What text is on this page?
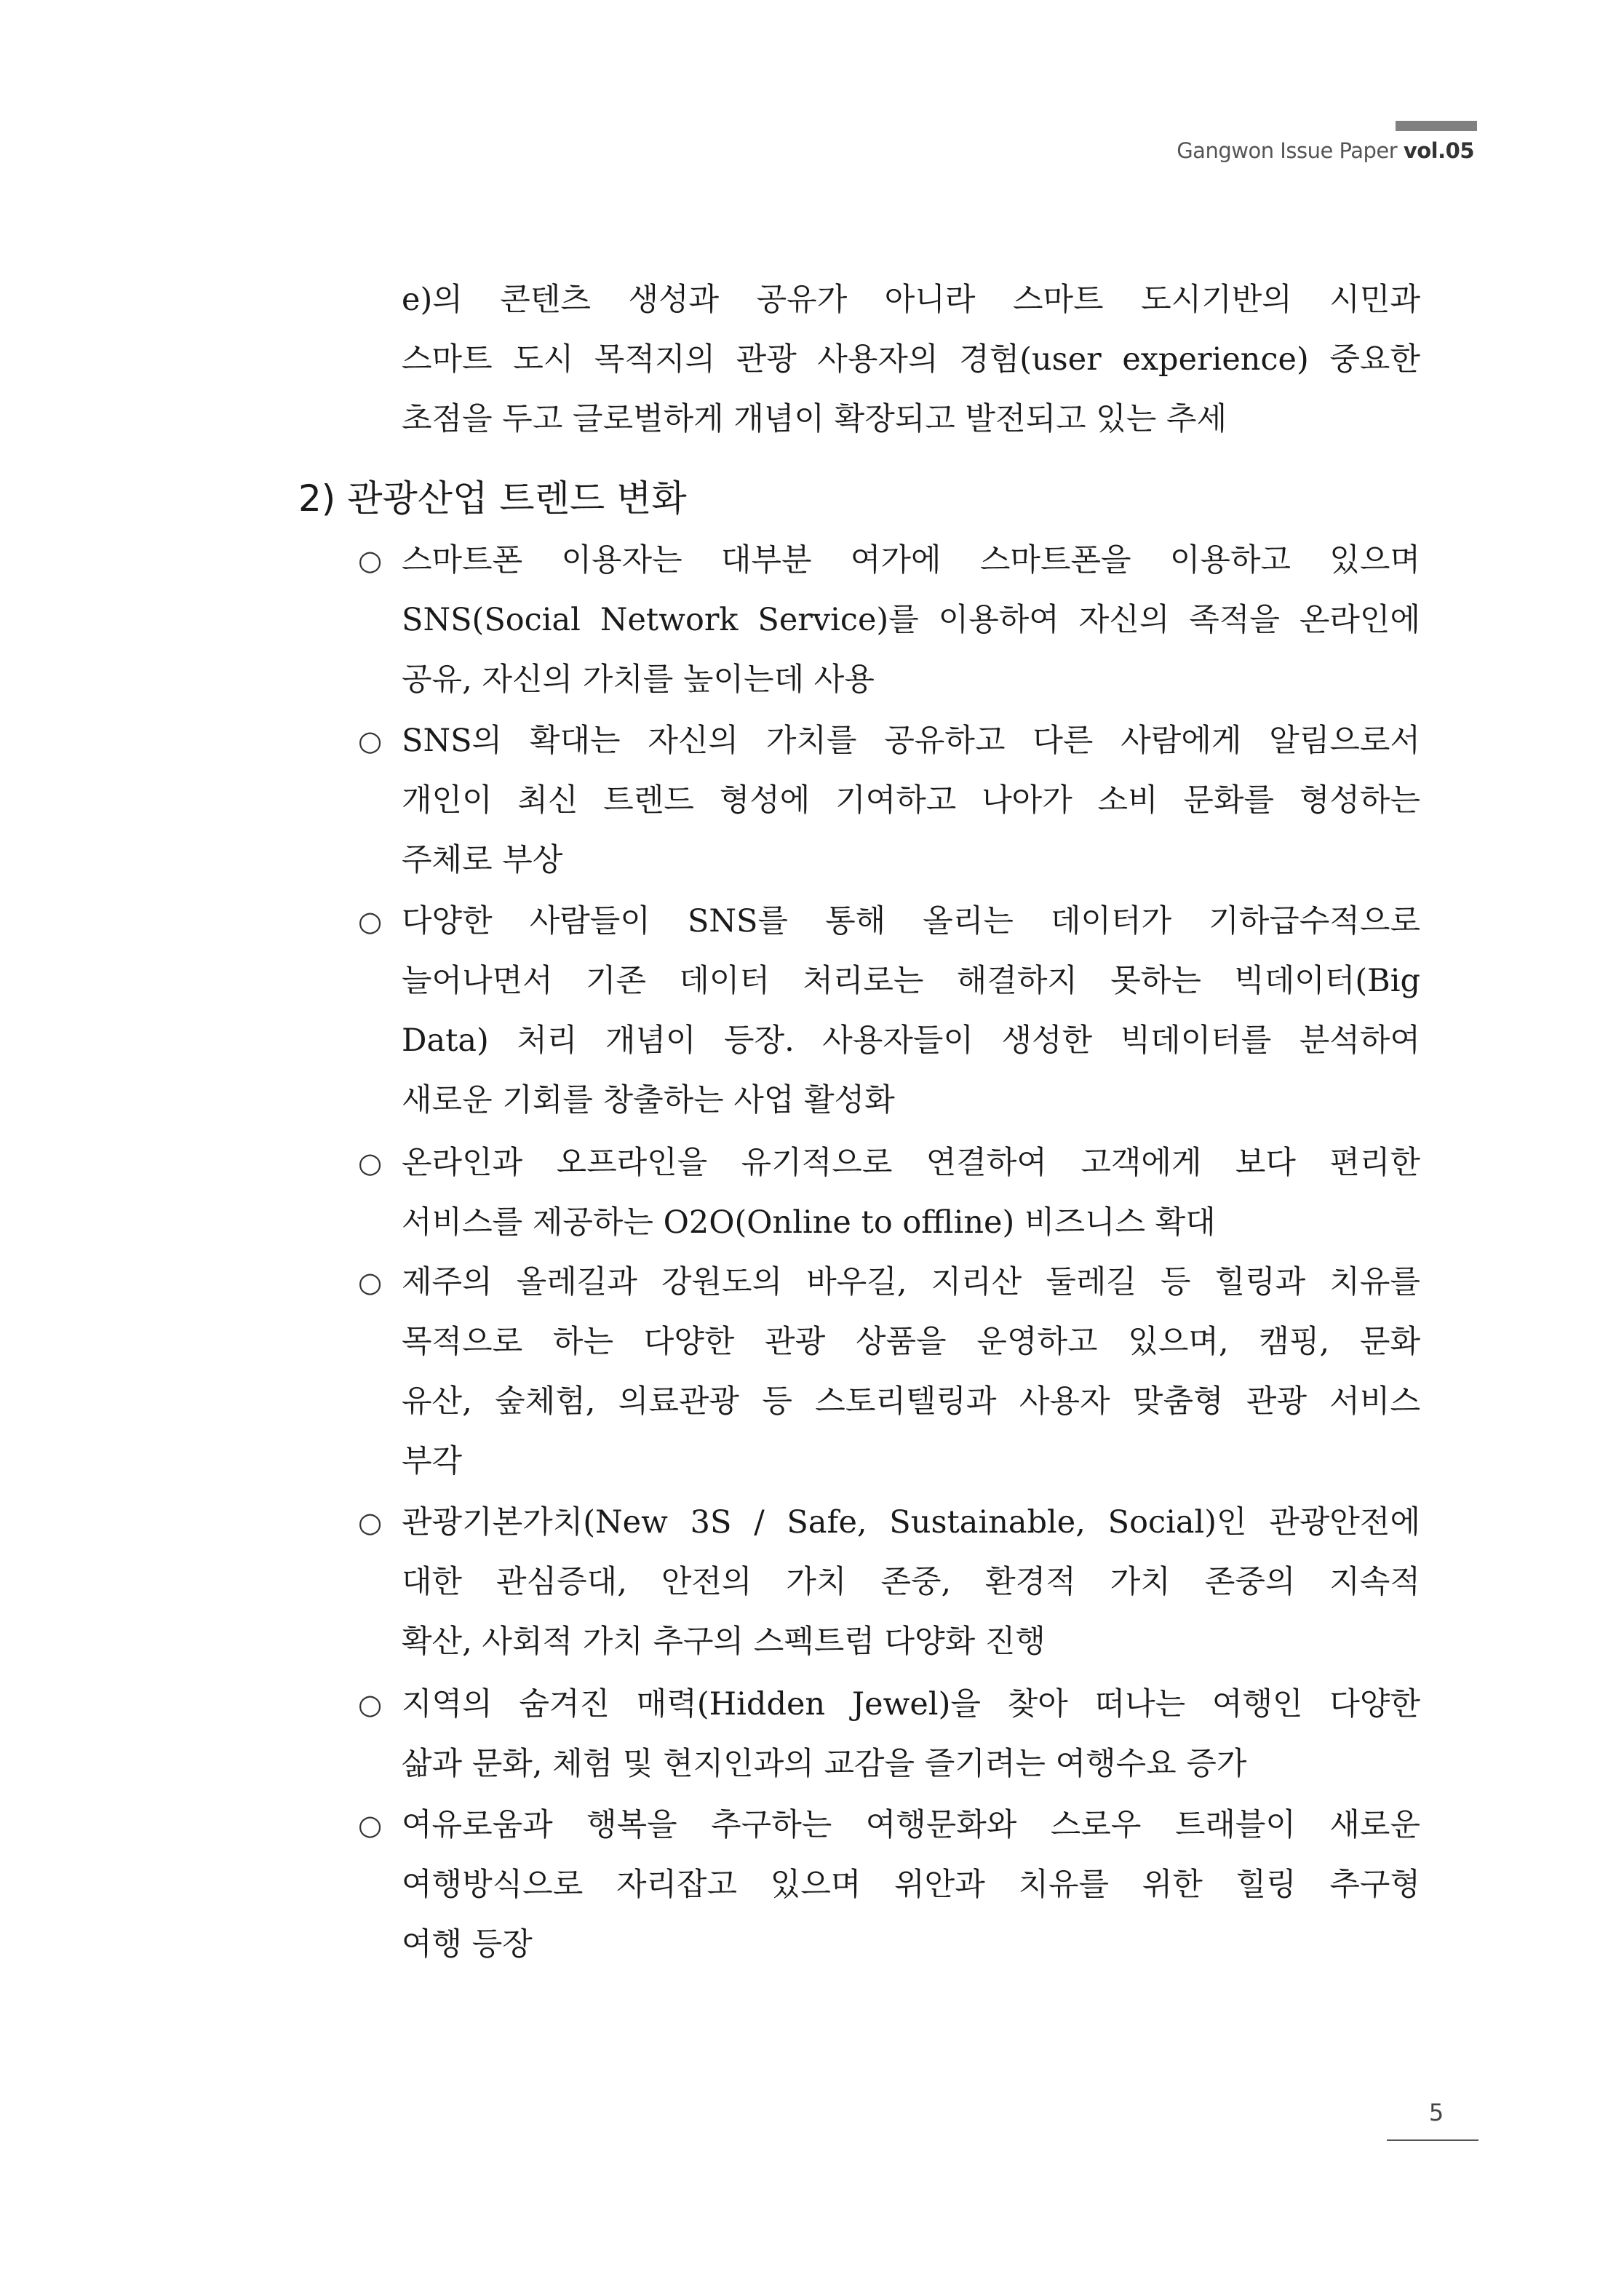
Gangwon Issue Paper vol.05
e)의 콘텐츠 생성과 공유가 아니라 스마트 도시기반의 시민과
스마트 도시 목적지의 관광 사용자의 경험(user experience) 중요한
초점을 두고 글로벌하게 개념이 확장되고 발전되고 있는 추세
2) 관광산업 트렌드 변화
○ 스마트폰 이용자는 대부분 여가에 스마트폰을 이용하고 있으며
SNS(Social Network Service)를 이용하여 자신의 족적을 온라인에
공유, 자신의 가치를 높이는데 사용
○ SNS의 확대는 자신의 가치를 공유하고 다른 사람에게 알림으로서
개인이 최신 트렌드 형성에 기여하고 나아가 소비 문화를 형성하는
주체로 부상
○ 다양한 사람들이 SNS를 통해 올리는 데이터가 기하급수적으로
늘어나면서 기존 데이터 처리로는 해결하지 못하는 빅데이터(Big
Data) 처리 개념이 등장. 사용자들이 생성한 빅데이터를 분석하여
새로운 기회를 창출하는 사업 활성화
○ 온라인과 오프라인을 유기적으로 연결하여 고객에게 보다 편리한
서비스를 제공하는 O2O(Online to offline) 비즈니스 확대
○ 제주의 올레길과 강원도의 바우길, 지리산 둘레길 등 힐링과 치유를
목적으로 하는 다양한 관광 상품을 운영하고 있으며, 캠핑, 문화
유산, 숲체험, 의료관광 등 스토리텔링과 사용자 맞춤형 관광 서비스
부각
○ 관광기본가치(New 3S / Safe, Sustainable, Social)인 관광안전에
대한 관심증대, 안전의 가치 존중, 환경적 가치 존중의 지속적
확산, 사회적 가치 추구의 스펙트럼 다양화 진행
○ 지역의 숨겨진 매력(Hidden Jewel)을 찾아 떠나는 여행인 다양한
삶과 문화, 체험 및 현지인과의 교감을 즐기려는 여행수요 증가
○ 여유로움과 행복을 추구하는 여행문화와 스로우 트래블이 새로운
여행방식으로 자리잡고 있으며 위안과 치유를 위한 힐링 추구형
여행 등장
5
